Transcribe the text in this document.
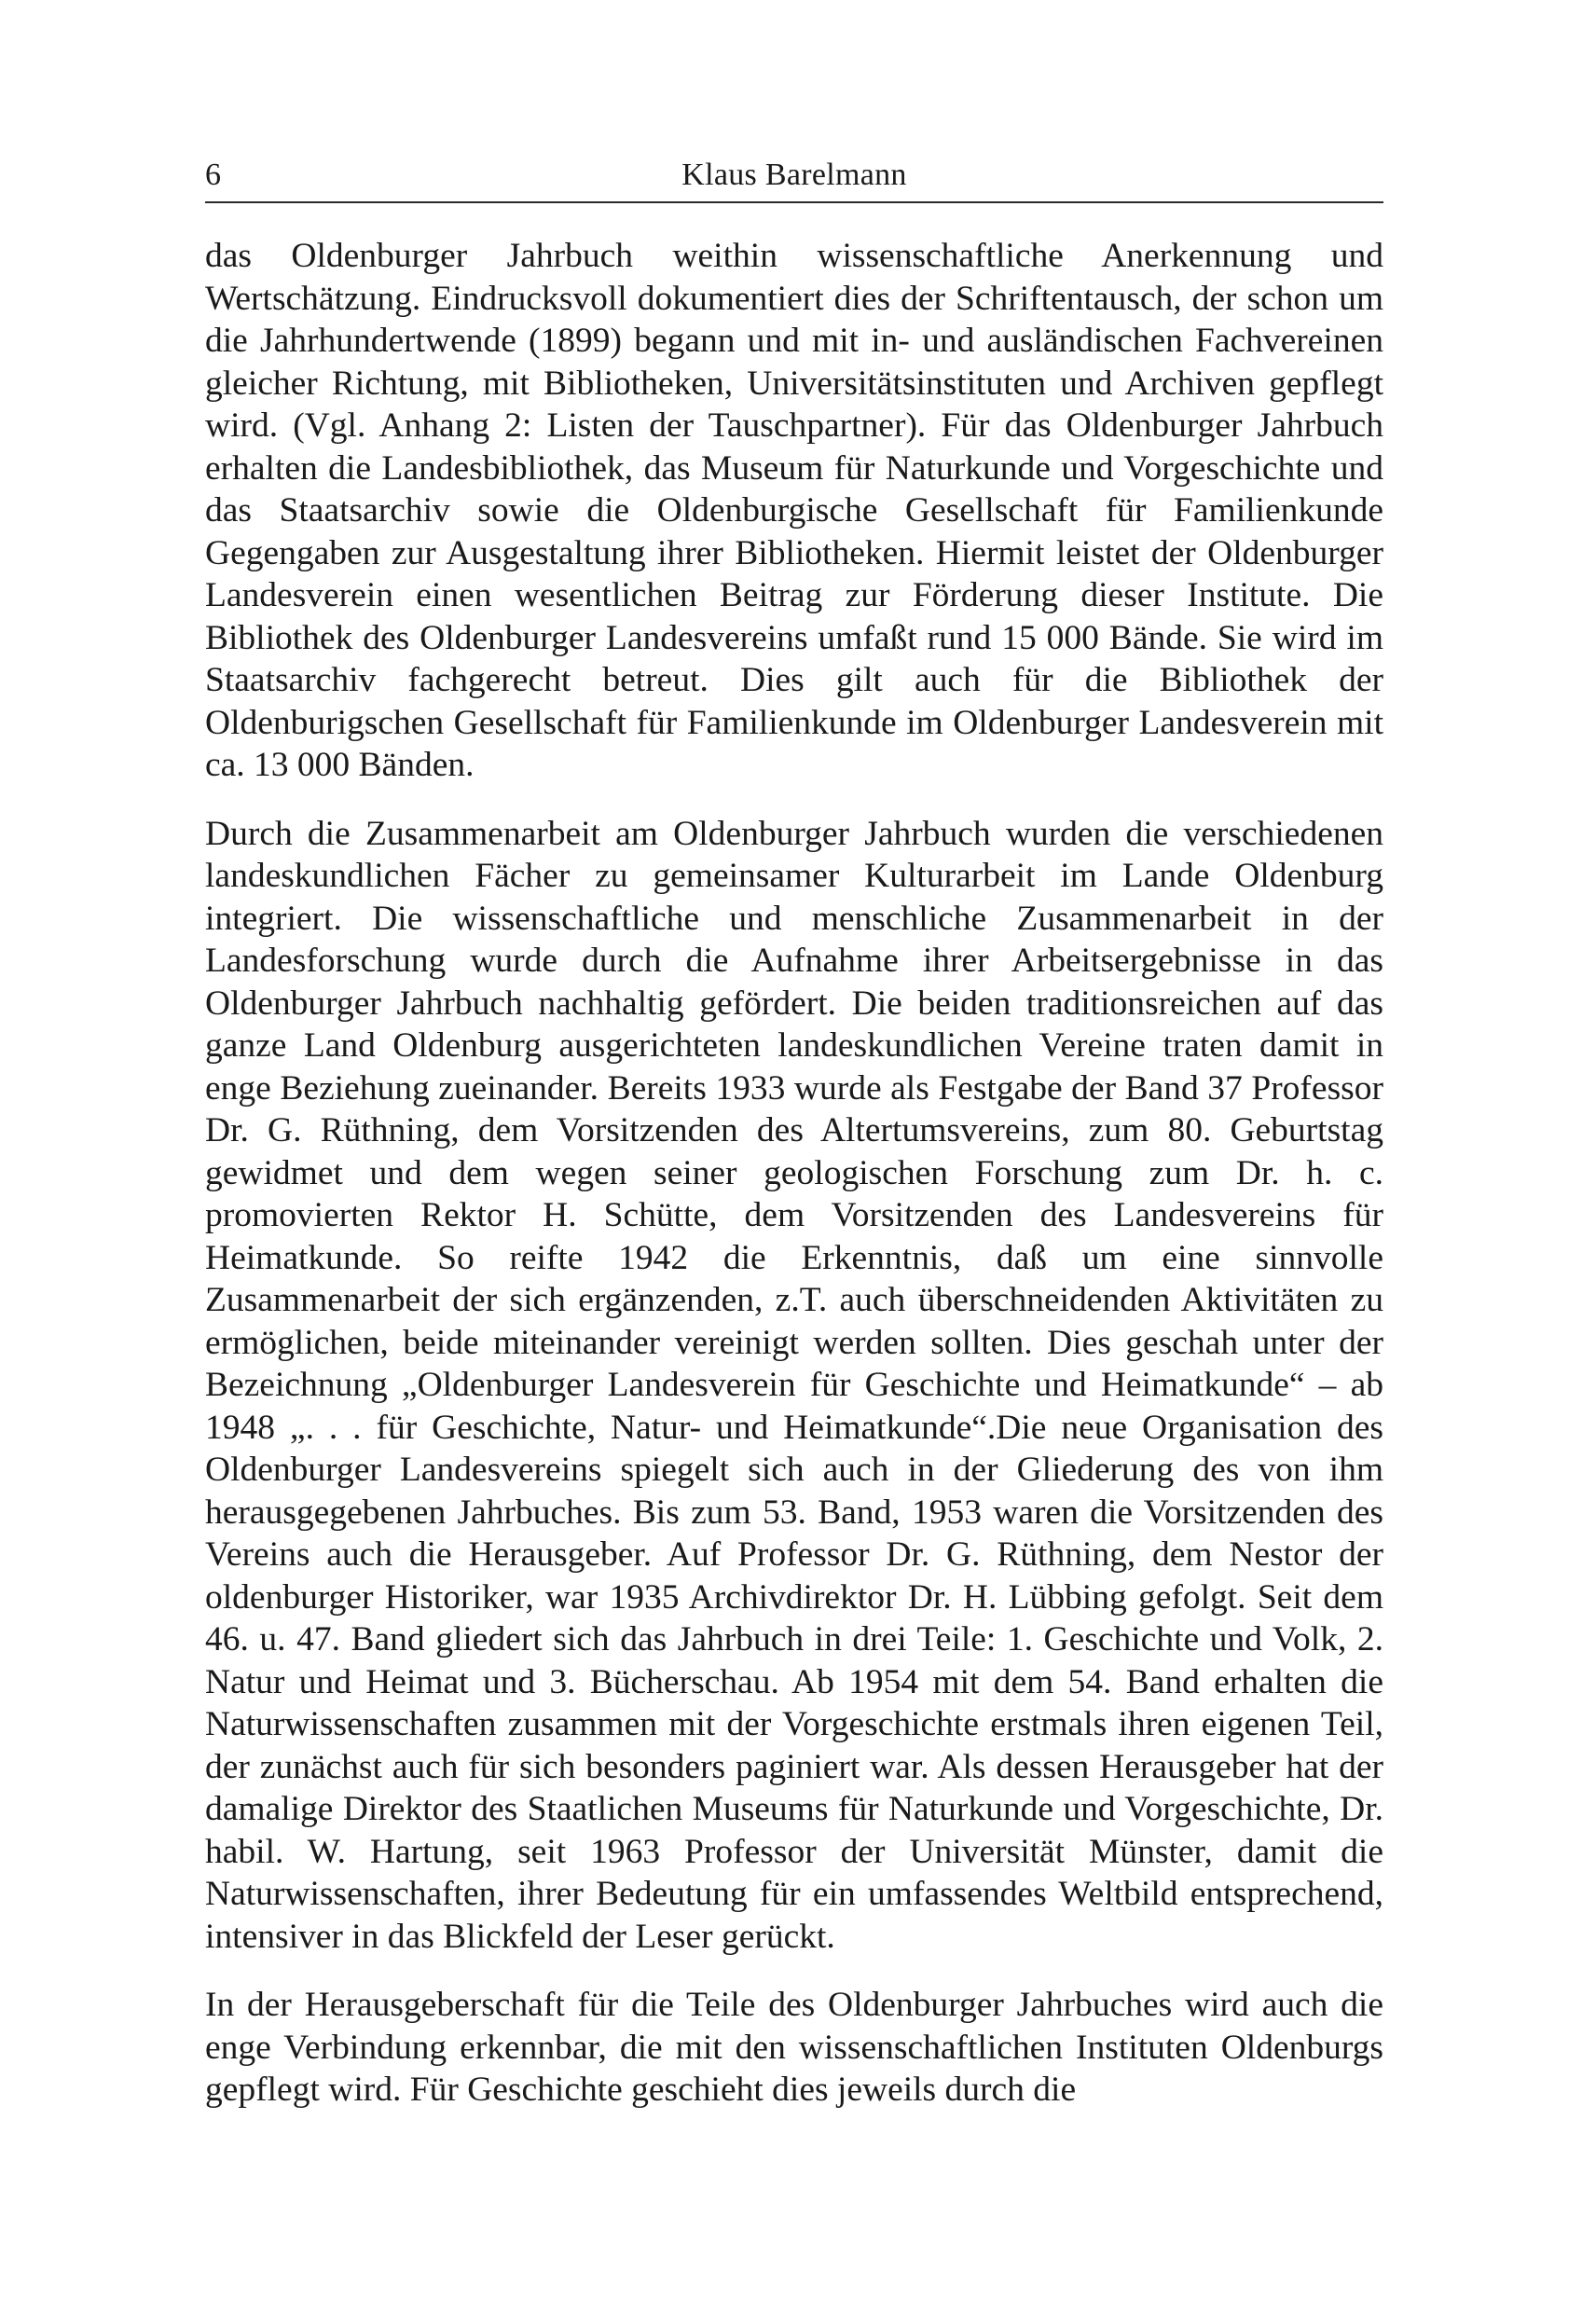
6	Klaus Barelmann

das Oldenburger Jahrbuch weithin wissenschaftliche Anerkennung und Wertschätzung. Eindrucksvoll dokumentiert dies der Schriftentausch, der schon um die Jahrhundertwende (1899) begann und mit in- und ausländischen Fachvereinen gleicher Richtung, mit Bibliotheken, Universitätsinstituten und Archiven gepflegt wird. (Vgl. Anhang 2: Listen der Tauschpartner). Für das Oldenburger Jahrbuch erhalten die Landesbibliothek, das Museum für Naturkunde und Vorgeschichte und das Staatsarchiv sowie die Oldenburgische Gesellschaft für Familienkunde Gegengaben zur Ausgestaltung ihrer Bibliotheken. Hiermit leistet der Oldenburger Landesverein einen wesentlichen Beitrag zur Förderung dieser Institute. Die Bibliothek des Oldenburger Landesvereins umfaßt rund 15 000 Bände. Sie wird im Staatsarchiv fachgerecht betreut. Dies gilt auch für die Bibliothek der Oldenburigschen Gesellschaft für Familienkunde im Oldenburger Landesverein mit ca. 13 000 Bänden.

Durch die Zusammenarbeit am Oldenburger Jahrbuch wurden die verschiedenen landeskundlichen Fächer zu gemeinsamer Kulturarbeit im Lande Oldenburg integriert. Die wissenschaftliche und menschliche Zusammenarbeit in der Landesforschung wurde durch die Aufnahme ihrer Arbeitsergebnisse in das Oldenburger Jahrbuch nachhaltig gefördert. Die beiden traditionsreichen auf das ganze Land Oldenburg ausgerichteten landeskundlichen Vereine traten damit in enge Beziehung zueinander. Bereits 1933 wurde als Festgabe der Band 37 Professor Dr. G. Rüthning, dem Vorsitzenden des Altertumsvereins, zum 80. Geburtstag gewidmet und dem wegen seiner geologischen Forschung zum Dr. h. c. promovierten Rektor H. Schütte, dem Vorsitzenden des Landesvereins für Heimatkunde. So reifte 1942 die Erkenntnis, daß um eine sinnvolle Zusammenarbeit der sich ergänzenden, z.T. auch überschneidenden Aktivitäten zu ermöglichen, beide miteinander vereinigt werden sollten. Dies geschah unter der Bezeichnung „Oldenburger Landesverein für Geschichte und Heimatkunde“ – ab 1948 „. . . für Geschichte, Natur- und Heimatkunde“.Die neue Organisation des Oldenburger Landesvereins spiegelt sich auch in der Gliederung des von ihm herausgegebenen Jahrbuches. Bis zum 53. Band, 1953 waren die Vorsitzenden des Vereins auch die Herausgeber. Auf Professor Dr. G. Rüthning, dem Nestor der oldenburger Historiker, war 1935 Archivdirektor Dr. H. Lübbing gefolgt. Seit dem 46. u. 47. Band gliedert sich das Jahrbuch in drei Teile: 1. Geschichte und Volk, 2. Natur und Heimat und 3. Bücherschau. Ab 1954 mit dem 54. Band erhalten die Naturwissenschaften zusammen mit der Vorgeschichte erstmals ihren eigenen Teil, der zunächst auch für sich besonders paginiert war. Als dessen Herausgeber hat der damalige Direktor des Staatlichen Museums für Naturkunde und Vorgeschichte, Dr. habil. W. Hartung, seit 1963 Professor der Universität Münster, damit die Naturwissenschaften, ihrer Bedeutung für ein umfassendes Weltbild entsprechend, intensiver in das Blickfeld der Leser gerückt.

In der Herausgeberschaft für die Teile des Oldenburger Jahrbuches wird auch die enge Verbindung erkennbar, die mit den wissenschaftlichen Instituten Oldenburgs gepflegt wird. Für Geschichte geschieht dies jeweils durch die
